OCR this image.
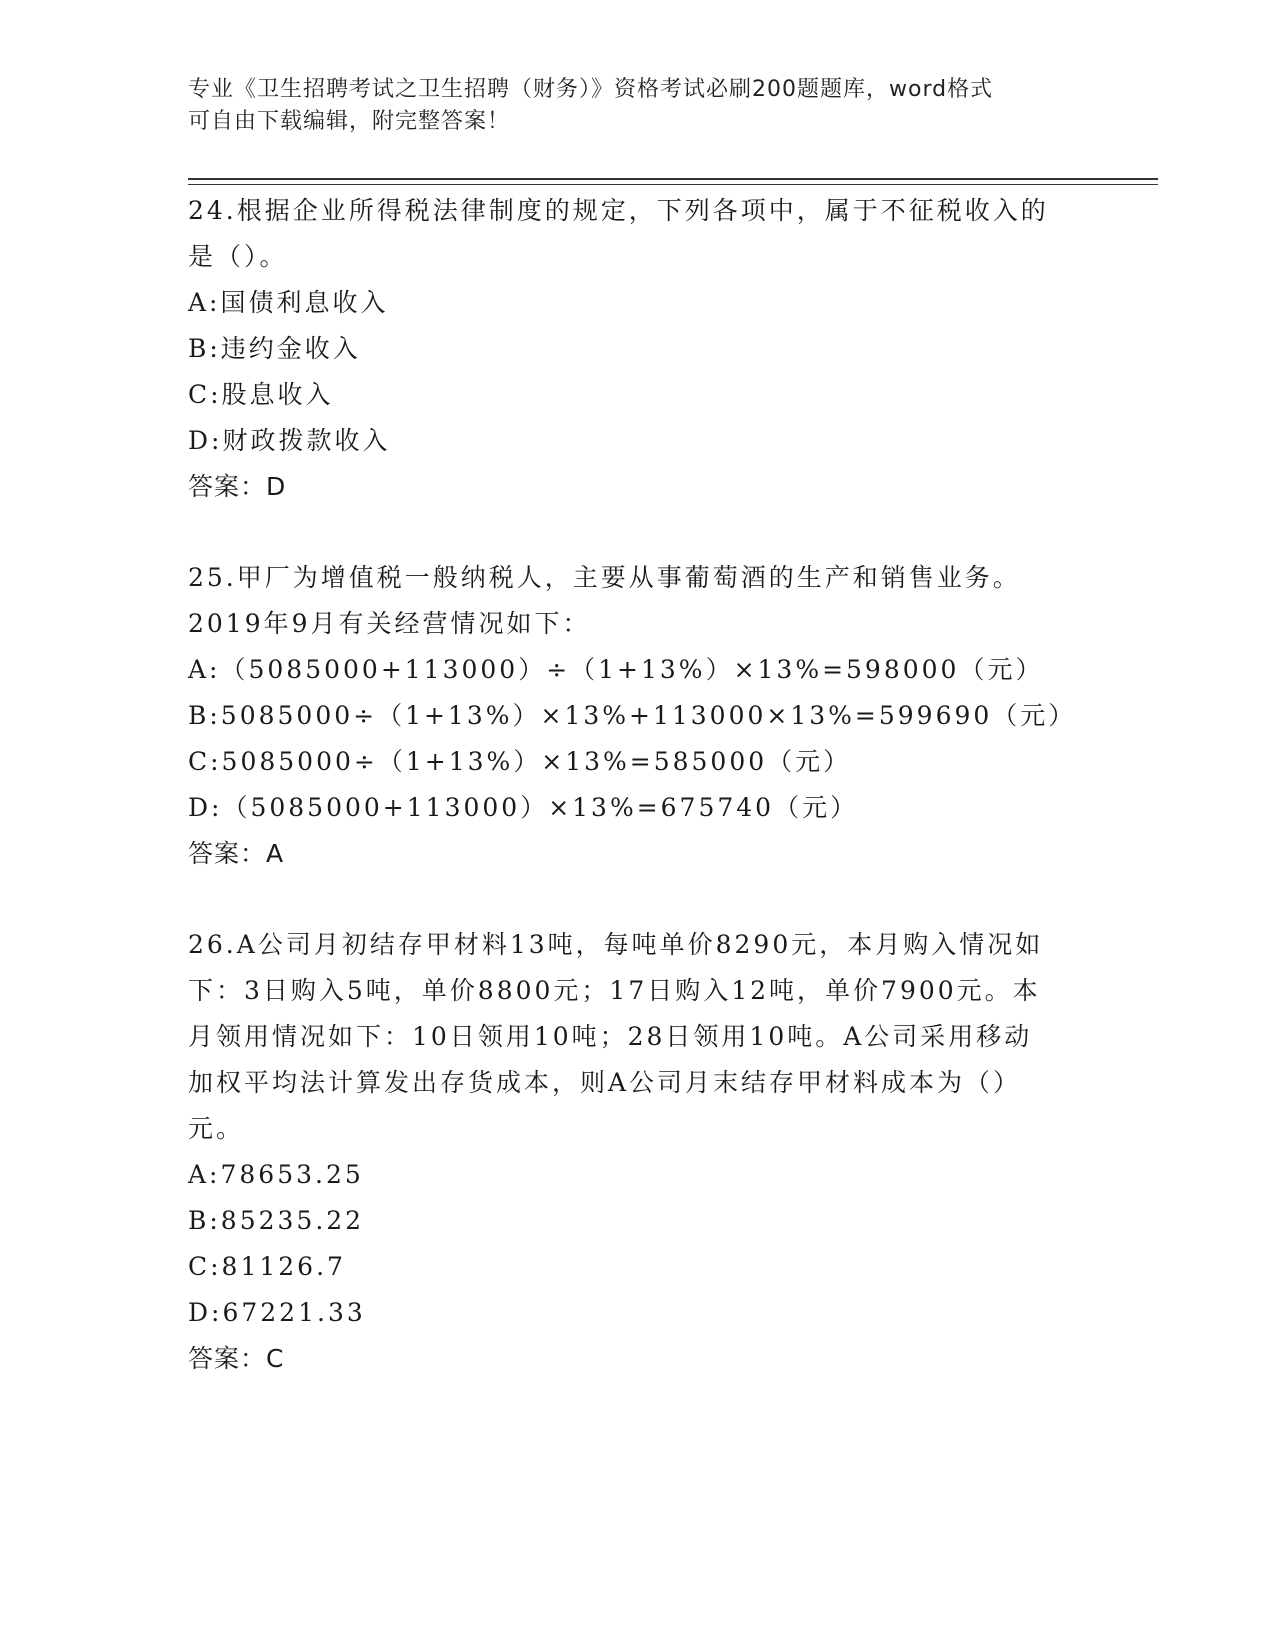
专业《卫生招聘考试之卫生招聘（财务）》资格考试必刷200题题库，word格式
可自由下载编辑，附完整答案！
24.根据企业所得税法律制度的规定，下列各项中，属于不征税收入的
是（）。
A:国债利息收入
B:违约金收入
C:股息收入
D:财政拨款收入
答案：D
25.甲厂为增值税一般纳税人，主要从事葡萄酒的生产和销售业务。
2019年9月有关经营情况如下：
A:（5085000+113000）÷（1+13%）×13%=598000（元）
B:5085000÷（1+13%）×13%+113000×13%=599690（元）
C:5085000÷（1+13%）×13%=585000（元）
D:（5085000+113000）×13%=675740（元）
答案：A
26.A公司月初结存甲材料13吨，每吨单价8290元，本月购入情况如
下：3日购入5吨，单价8800元；17日购入12吨，单价7900元。本
月领用情况如下：10日领用10吨；28日领用10吨。A公司采用移动
加权平均法计算发出存货成本，则A公司月末结存甲材料成本为（）
元。
A:78653.25
B:85235.22
C:81126.7
D:67221.33
答案：C
